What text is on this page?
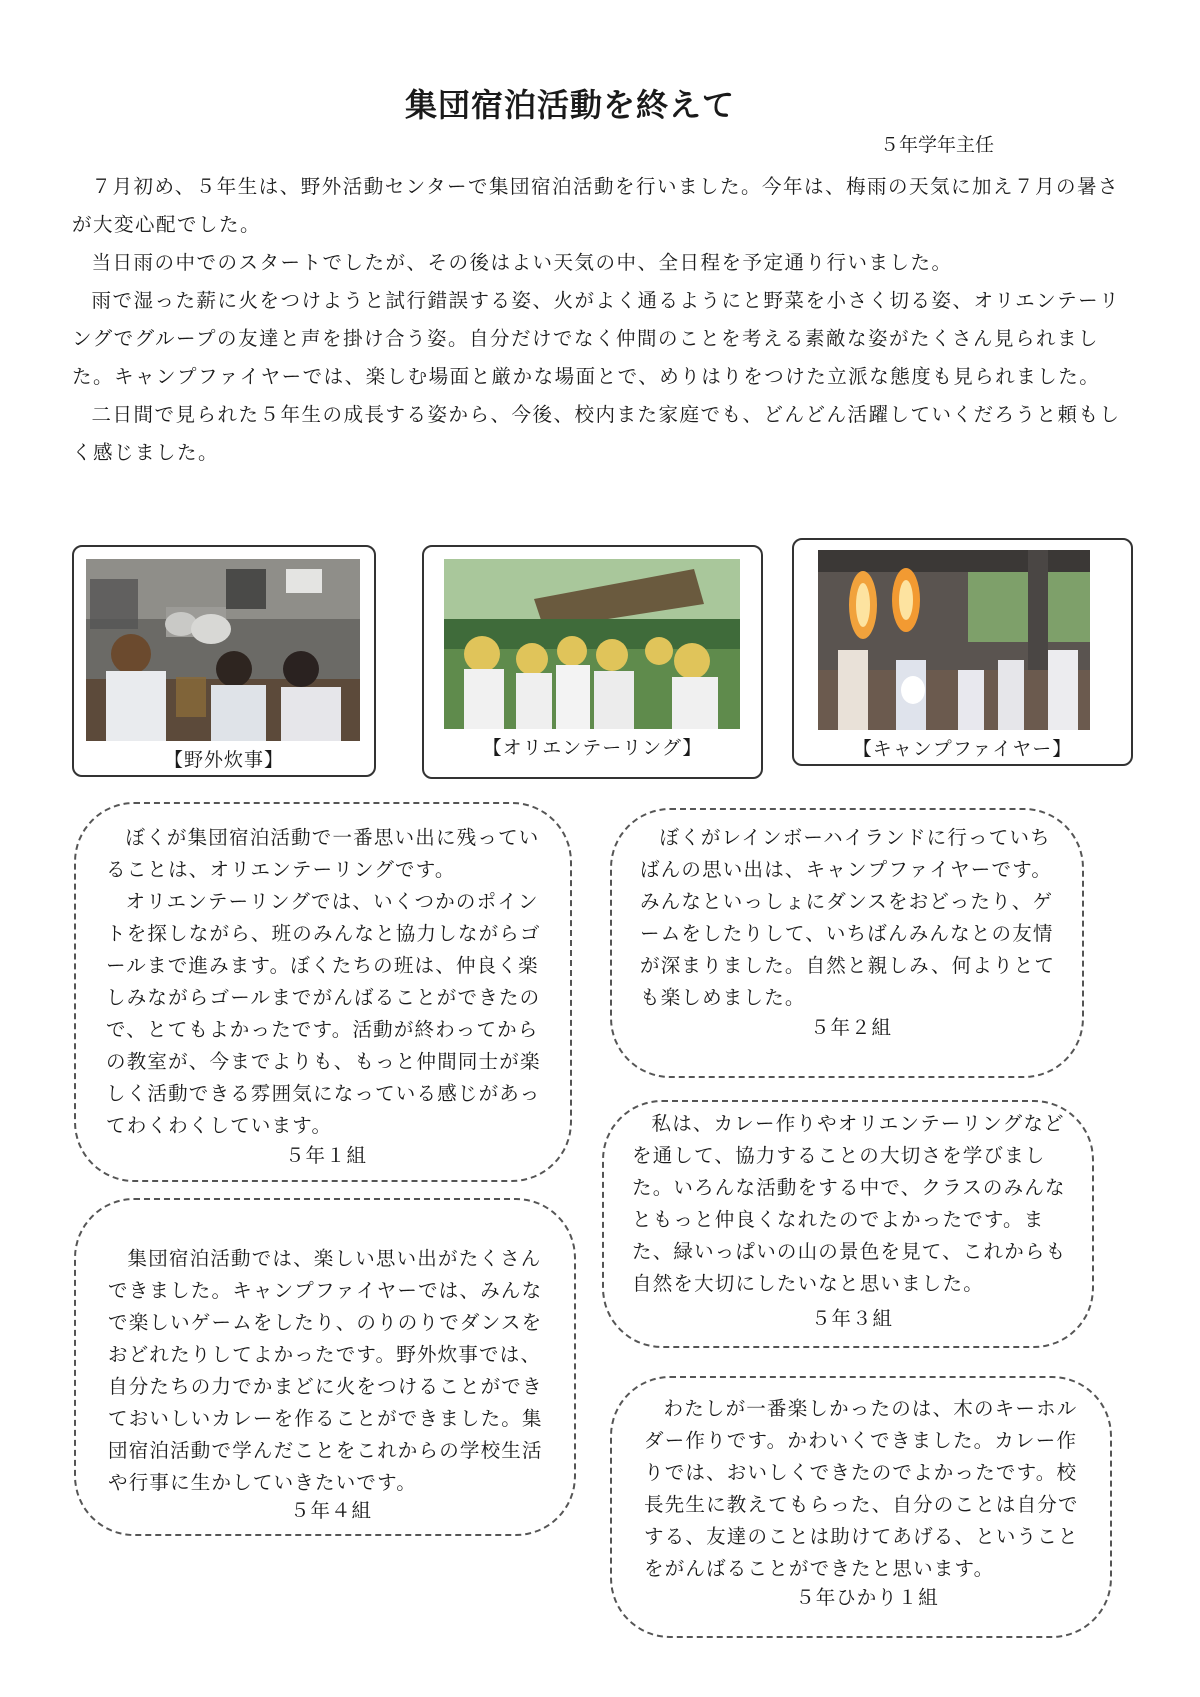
集団宿泊活動を終えて
５年学年主任

７月初め、５年生は、野外活動センターで集団宿泊活動を行いました。今年は、梅雨の天気に加え７月の暑さが大変心配でした。

当日雨の中でのスタートでしたが、その後はよい天気の中、全日程を予定通り行いました。

雨で湿った薪に火をつけようと試行錯誤する姿、火がよく通るようにと野菜を小さく切る姿、オリエンテーリングでグループの友達と声を掛け合う姿。自分だけでなく仲間のことを考える素敵な姿がたくさん見られました。キャンプファイヤーでは、楽しむ場面と厳かな場面とで、めりはりをつけた立派な態度も見られました。

二日間で見られた５年生の成長する姿から、今後、校内また家庭でも、どんどん活躍していくだろうと頼もしく感じました。

【野外炊事】
【オリエンテーリング】	【キャンプファイヤー】

ぼくが集団宿泊活動で一番思い出に残っていることは、オリエンテーリングです。

オリエンテーリングでは、いくつかのポイントを探しながら、班のみんなと協力しながらゴールまで進みます。ぼくたちの班は、仲良く楽しみながらゴールまでがんばることができたので、とてもよかったです。活動が終わってからの教室が、今までよりも、もっと仲間同士が楽しく活動できる雰囲気になっている感じがあってわくわくしています。

５年１組

ぼくがレインボーハイランドに行っていちばんの思い出は、キャンプファイヤーです。みんなといっしょにダンスをおどったり、ゲームをしたりして、いちばんみんなとの友情が深まりました。自然と親しみ、何よりとても楽しめました。

５年２組

集団宿泊活動では、楽しい思い出がたくさんできました。キャンプファイヤーでは、みんなで楽しいゲームをしたり、のりのりでダンスをおどれたりしてよかったです。野外炊事では、自分たちの力でかまどに火をつけることができておいしいカレーを作ることができました。集団宿泊活動で学んだことをこれからの学校生活や行事に生かしていきたいです。

５年４組

私は、カレー作りやオリエンテーリングなどを通して、協力することの大切さを学びました。いろんな活動をする中で、クラスのみんなともっと仲良くなれたのでよかったです。また、緑いっぱいの山の景色を見て、これからも自然を大切にしたいなと思いました。

５年３組

わたしが一番楽しかったのは、木のキーホルダー作りです。かわいくできました。カレー作りでは、おいしくできたのでよかったです。校長先生に教えてもらった、自分のことは自分でする、友達のことは助けてあげる、ということをがんばることができたと思います。

５年ひかり１組
